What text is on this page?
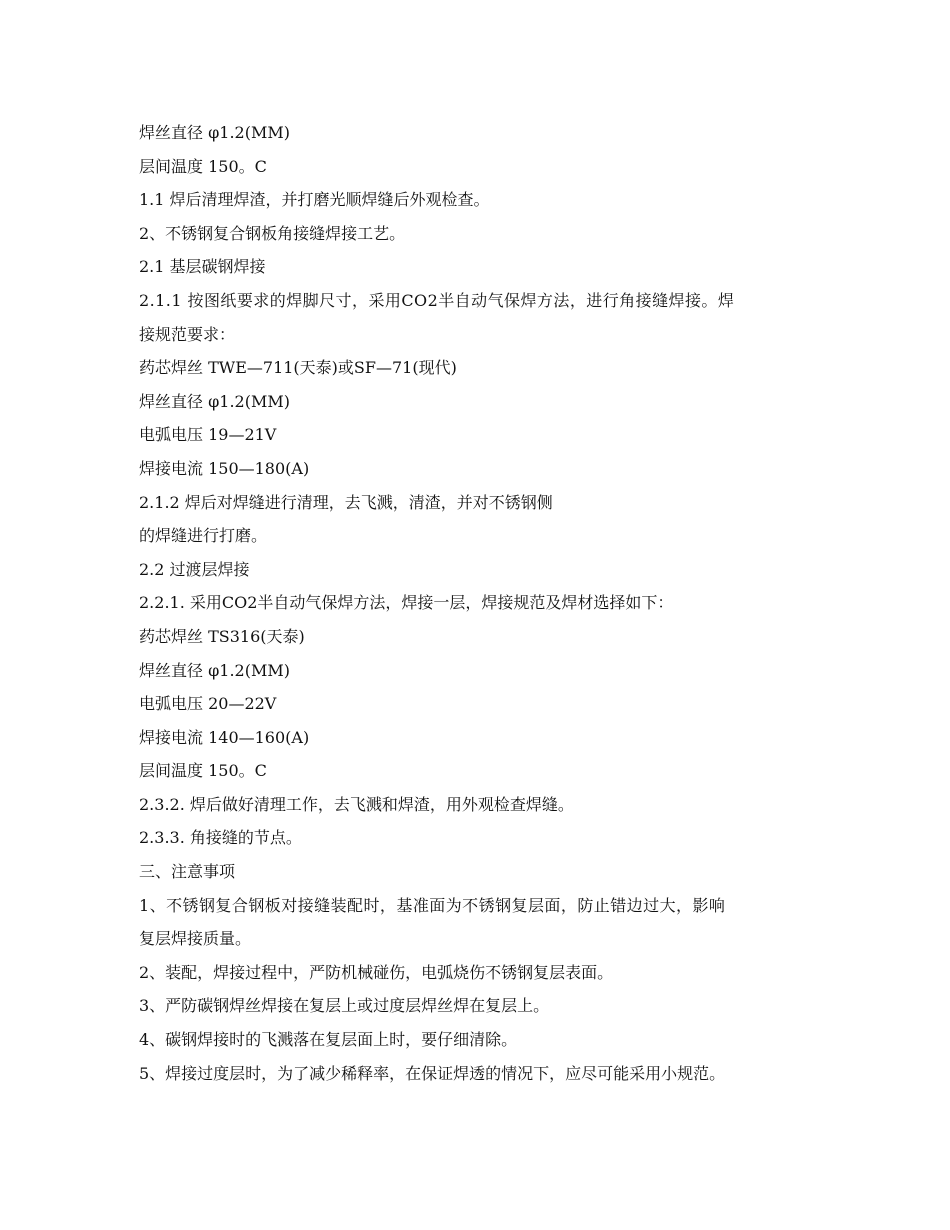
焊丝直径 φ1.2(MM)
层间温度 150。C
1.1 焊后清理焊渣，并打磨光顺焊缝后外观检查。
2、不锈钢复合钢板角接缝焊接工艺。
2.1 基层碳钢焊接
2.1.1 按图纸要求的焊脚尺寸，采用CO2半自动气保焊方法，进行角接缝焊接。焊
接规范要求：
药芯焊丝 TWE—711(天泰)或SF—71(现代)
焊丝直径 φ1.2(MM)
电弧电压 19—21V
焊接电流 150—180(A)
2.1.2 焊后对焊缝进行清理，去飞溅，清渣，并对不锈钢侧
的焊缝进行打磨。
2.2 过渡层焊接
2.2.1. 采用CO2半自动气保焊方法，焊接一层，焊接规范及焊材选择如下：
药芯焊丝 TS316(天泰)
焊丝直径 φ1.2(MM)
电弧电压 20—22V
焊接电流 140—160(A)
层间温度 150。C
2.3.2. 焊后做好清理工作，去飞溅和焊渣，用外观检查焊缝。
2.3.3. 角接缝的节点。
三、注意事项
1、不锈钢复合钢板对接缝装配时，基准面为不锈钢复层面，防止错边过大，影响
复层焊接质量。
2、装配，焊接过程中，严防机械碰伤，电弧烧伤不锈钢复层表面。
3、严防碳钢焊丝焊接在复层上或过度层焊丝焊在复层上。
4、碳钢焊接时的飞溅落在复层面上时，要仔细清除。
5、焊接过度层时，为了减少稀释率，在保证焊透的情况下，应尽可能采用小规范。
